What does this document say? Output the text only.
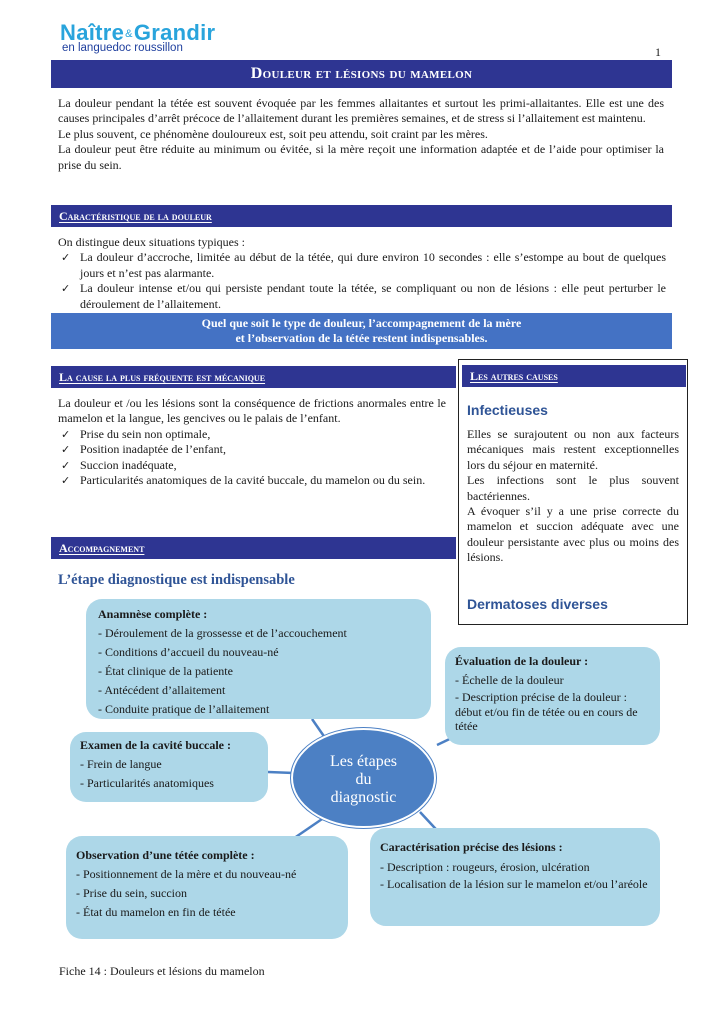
Naître&Grandir
en languedoc roussillon	1
Douleur et lésions du mamelon

La douleur pendant la tétée est souvent évoquée par les femmes allaitantes et surtout les primi-allaitantes. Elle est une des causes principales d’arrêt précoce de l’allaitement durant les premières semaines, et de stress si l’allaitement est maintenu.

Le plus souvent, ce phénomène douloureux est, soit peu attendu, soit craint par les mères.

La douleur peut être réduite au minimum ou évitée, si la mère reçoit une information adaptée et de l’aide pour optimiser la prise du sein.

Caractéristique de la douleur

On distingue deux situations typiques :

✓ La douleur d’accroche, limitée au début de la tétée, qui dure environ 10 secondes : elle s’estompe au bout de quelques jours et n’est pas alarmante.
✓ La douleur intense et/ou qui persiste pendant toute la tétée, se compliquant ou non de lésions : elle peut perturber le déroulement de l’allaitement.
Quel que soit le type de douleur, l’accompagnement de la mère
et l’observation de la tétée restent indispensables.
La cause la plus fréquente est mécanique

La douleur et /ou les lésions sont la conséquence de frictions anormales entre le mamelon et la langue, les gencives ou le palais de l’enfant.

✓ Prise du sein non optimale,
✓ Position inadaptée de l’enfant,
✓ Succion inadéquate,
✓ Particularités anatomiques de la cavité buccale, du mamelon ou du sein.
Les autres causes
Infectieuses

Elles se surajoutent ou non aux facteurs mécaniques mais restent exceptionnelles lors du séjour en maternité.

Les infections sont le plus souvent bactériennes.

A évoquer s’il y a une prise correcte du mamelon et succion adéquate avec une douleur persistante avec plus ou moins des lésions.

Dermatoses diverses
Accompagnement
L’étape diagnostique est indispensable
Anamnèse complète :
- Déroulement de la grossesse et de l’accouchement
- Conditions d’accueil du nouveau-né
- État clinique de la patiente
- Antécédent d’allaitement
- Conduite pratique de l’allaitement
Évaluation de la douleur :
- Échelle de la douleur
- Description précise de la douleur : début et/ou fin de tétée ou en cours de tétée
Examen de la cavité buccale :
- Frein de langue
- Particularités anatomiques
Les étapes
du
diagnostic
Observation d’une tétée complète :
- Positionnement de la mère et du nouveau-né
- Prise du sein, succion
- État du mamelon en fin de tétée
Caractérisation précise des lésions :
- Description : rougeurs, érosion, ulcération
- Localisation de la lésion sur le mamelon et/ou l’aréole
Fiche 14 : Douleurs et lésions du mamelon
